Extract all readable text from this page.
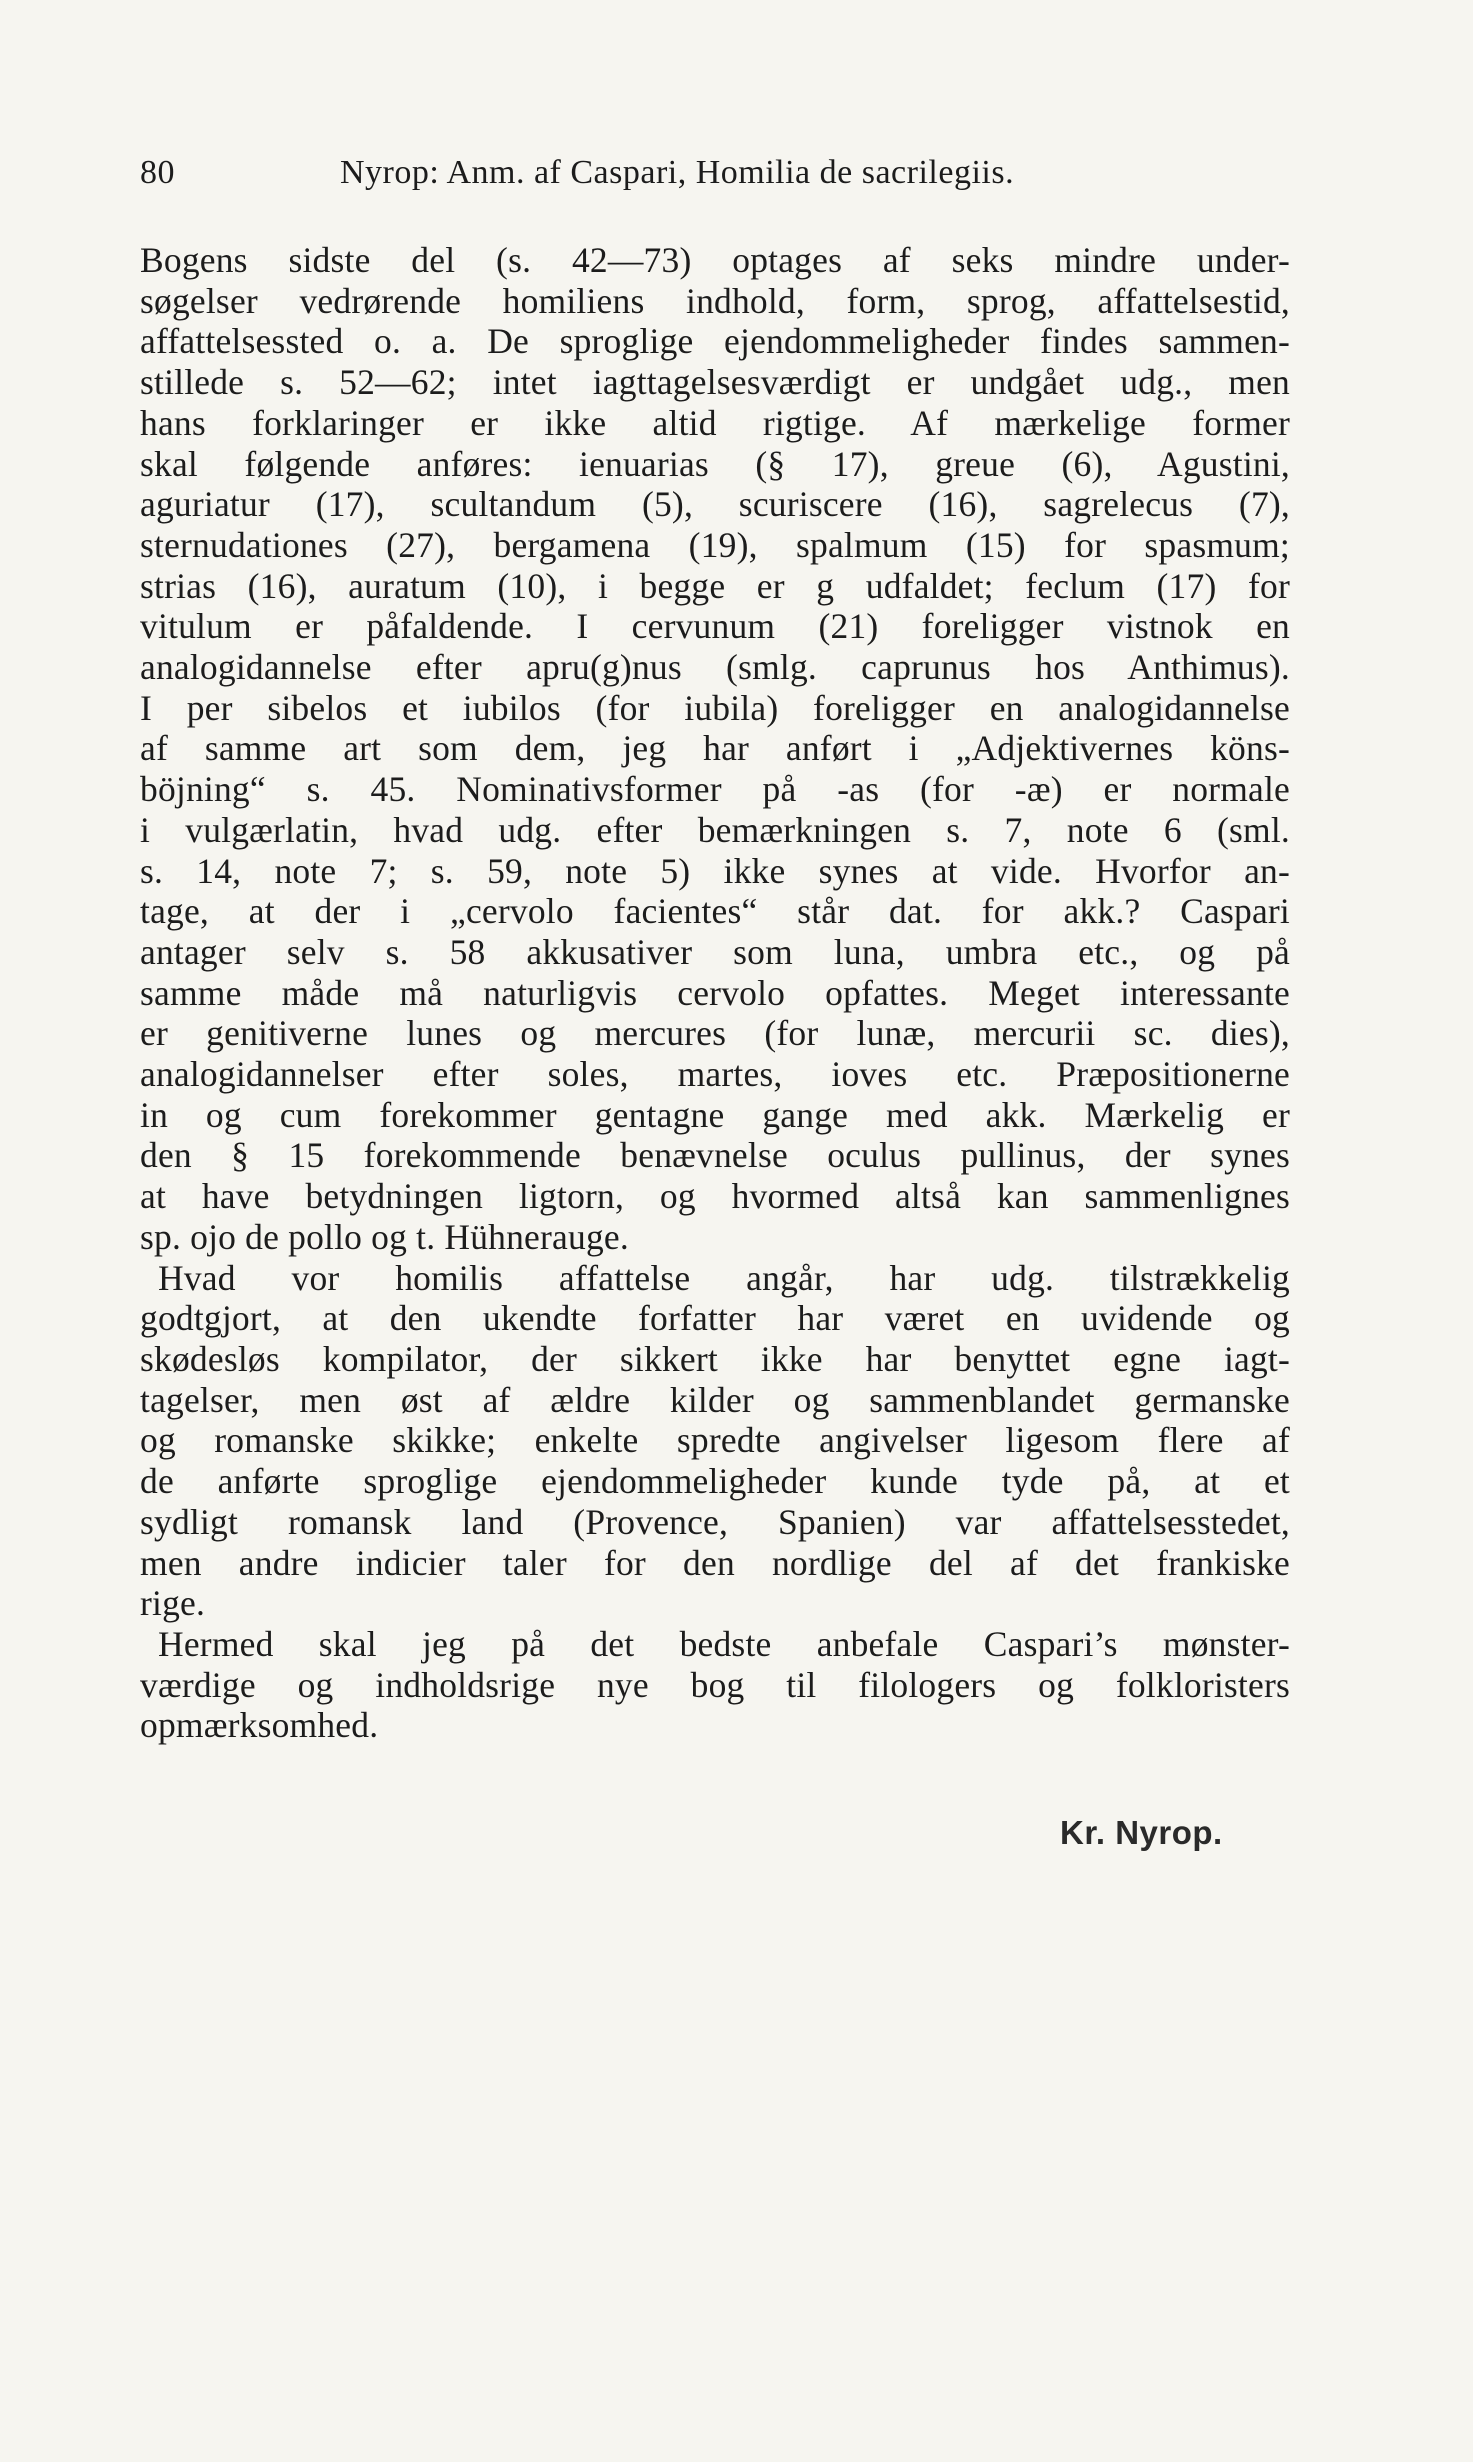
80	Nyrop: Anm. af Caspari, Homilia de sacrilegiis.

Bogens sidste del (s. 42—73) optages af seks mindre under-
søgelser vedrørende homiliens indhold, form, sprog, affattelsestid,
affattelsessted o. a. De sproglige ejendommeligheder findes sammen-
stillede s. 52—62; intet iagttagelsesværdigt er undgået udg., men
hans forklaringer er ikke altid rigtige. Af mærkelige former
skal følgende anføres: ienuarias (§ 17), greue (6), Agustini,
aguriatur (17), scultandum (5), scuriscere (16), sagrelecus (7),
sternudationes (27), bergamena (19), spalmum (15) for spasmum;
strias (16), auratum (10), i begge er g udfaldet; feclum (17) for
vitulum er påfaldende. I cervunum (21) foreligger vistnok en
analogidannelse efter apru(g)nus (smlg. caprunus hos Anthimus).
I per sibelos et iubilos (for iubila) foreligger en analogidannelse
af samme art som dem, jeg har anført i „Adjektivernes köns-
böjning“ s. 45. Nominativsformer på -as (for -æ) er normale
i vulgærlatin, hvad udg. efter bemærkningen s. 7, note 6 (sml.
s. 14, note 7; s. 59, note 5) ikke synes at vide. Hvorfor an-
tage, at der i „cervolo facientes“ står dat. for akk.? Caspari
antager selv s. 58 akkusativer som luna, umbra etc., og på
samme måde må naturligvis cervolo opfattes. Meget interessante
er genitiverne lunes og mercures (for lunæ, mercurii sc. dies),
analogidannelser efter soles, martes, ioves etc. Præpositionerne
in og cum forekommer gentagne gange med akk. Mærkelig er
den § 15 forekommende benævnelse oculus pullinus, der synes
at have betydningen ligtorn, og hvormed altså kan sammenlignes
sp. ojo de pollo og t. Hühnerauge.

Hvad vor homilis affattelse angår, har udg. tilstrækkelig
godtgjort, at den ukendte forfatter har været en uvidende og
skødesløs kompilator, der sikkert ikke har benyttet egne iagt-
tagelser, men øst af ældre kilder og sammenblandet germanske
og romanske skikke; enkelte spredte angivelser ligesom flere af
de anførte sproglige ejendommeligheder kunde tyde på, at et
sydligt romansk land (Provence, Spanien) var affattelsesstedet,
men andre indicier taler for den nordlige del af det frankiske
rige.

Hermed skal jeg på det bedste anbefale Caspari’s mønster-
værdige og indholdsrige nye bog til filologers og folkloristers
opmærksomhed.

Kr. Nyrop.
